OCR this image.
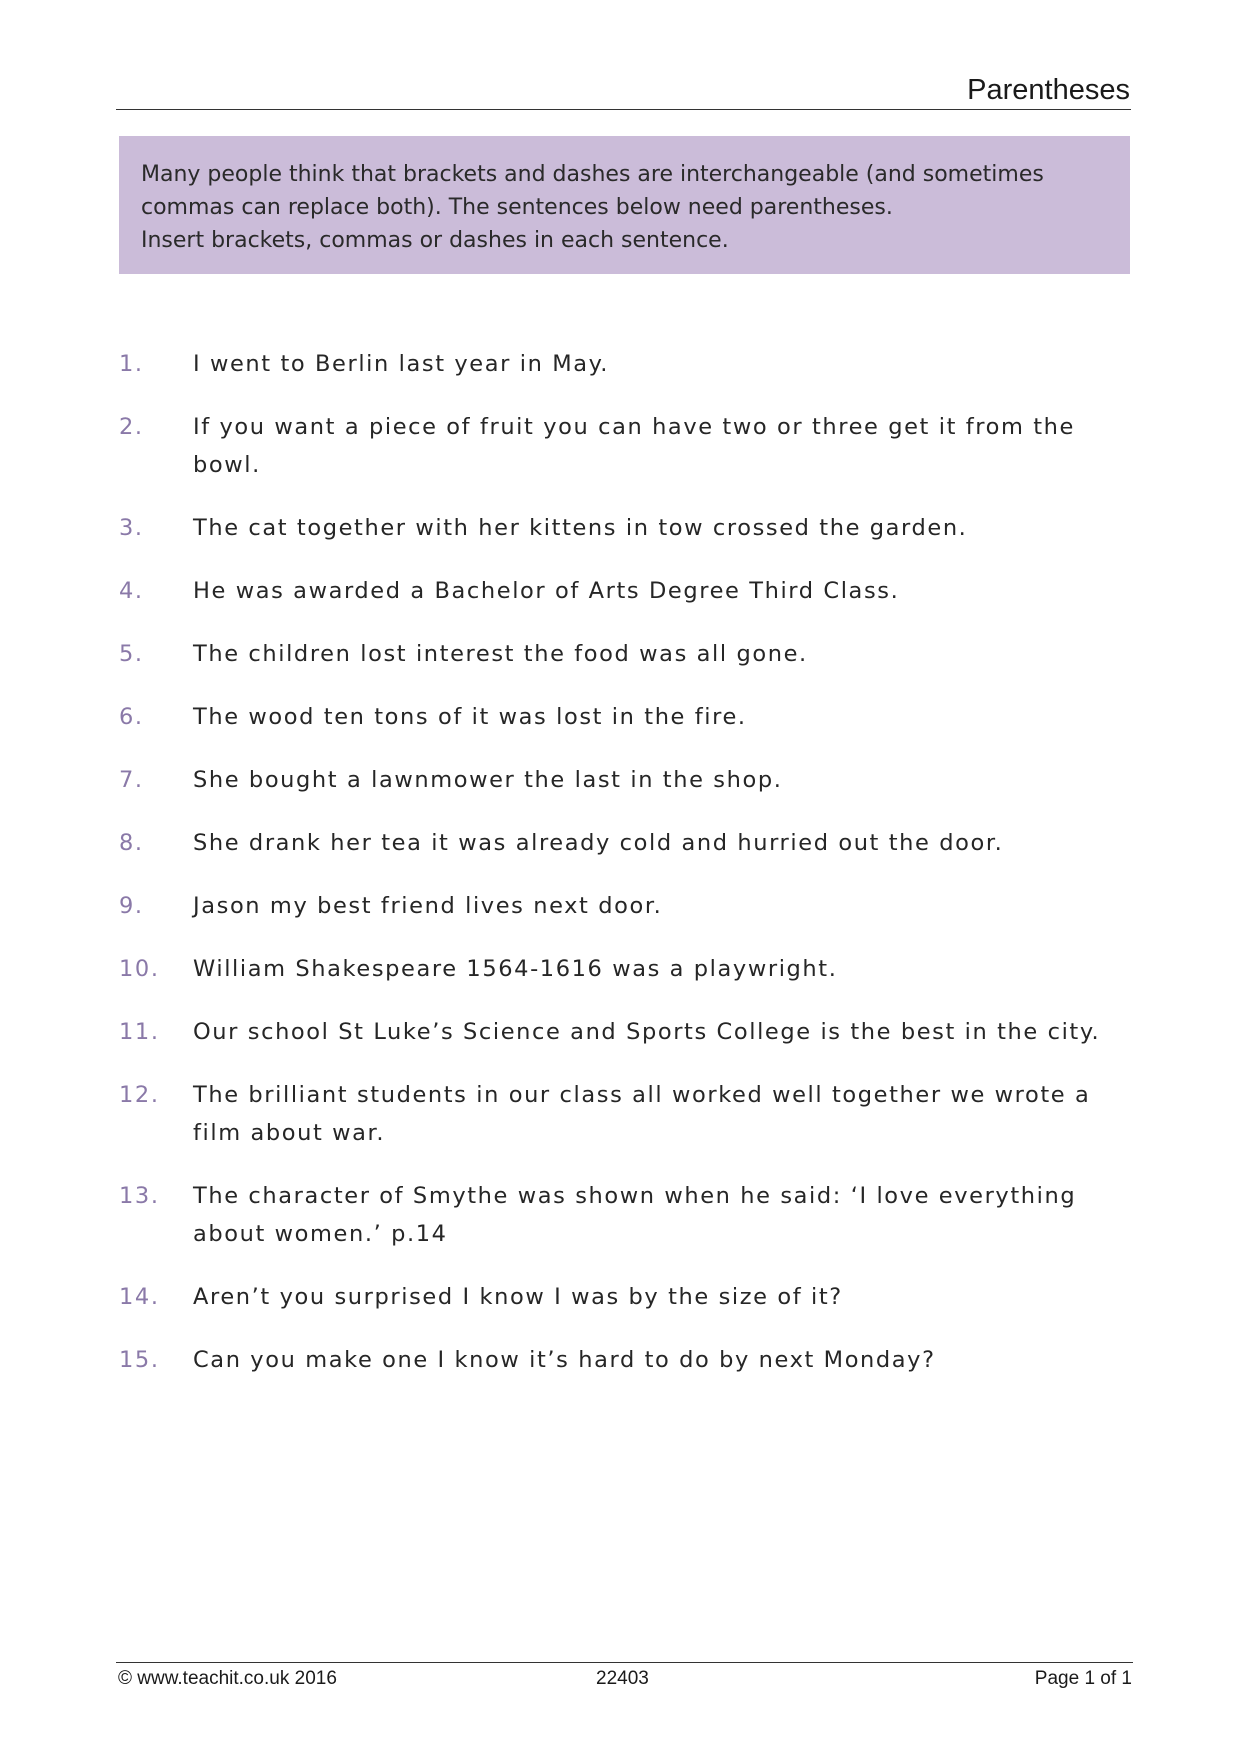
Parentheses

Many people think that brackets and dashes are interchangeable (and sometimes

commas can replace both). The sentences below need parentheses.

Insert brackets, commas or dashes in each sentence.

1.	I went to Berlin last year in May.
2.	If you want a piece of fruit you can have two or three get it from the bowl.
3.	The cat together with her kittens in tow crossed the garden.
4.	He was awarded a Bachelor of Arts Degree Third Class.
5.	The children lost interest the food was all gone.
6.	The wood ten tons of it was lost in the fire.
7.	She bought a lawnmower the last in the shop.
8.	She drank her tea it was already cold and hurried out the door.
9.	Jason my best friend lives next door.
10.	William Shakespeare 1564-1616 was a playwright.
11.	Our school St Luke’s Science and Sports College is the best in the city.
12.	The brilliant students in our class all worked well together we wrote a film about war.
13.	The character of Smythe was shown when he said: ‘I love everything about women.’ p.14
14.	Aren’t you surprised I know I was by the size of it?
15.	Can you make one I know it’s hard to do by next Monday?
© www.teachit.co.uk 2016	22403	Page 1 of 1
